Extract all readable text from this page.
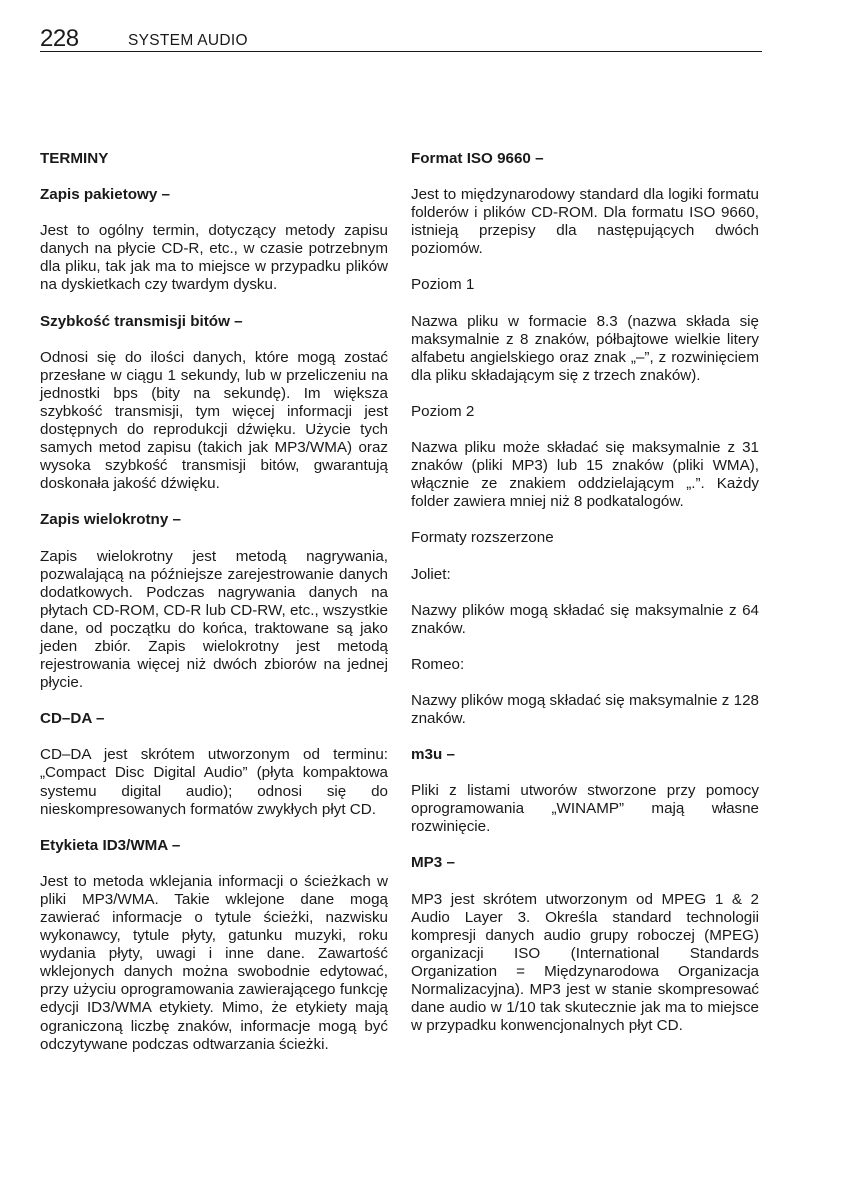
228	SYSTEM AUDIO

TERMINY

Zapis pakietowy –

Jest to ogólny termin, dotyczący metody zapisu danych na płycie CD-R, etc., w czasie potrzebnym dla pliku, tak jak ma to miejsce w przypadku plików na dyskietkach czy twardym dysku.

Szybkość transmisji bitów –

Odnosi się do ilości danych, które mogą zostać przesłane w ciągu 1 sekundy, lub w przeliczeniu na jednostki bps (bity na sekundę). Im większa szybkość transmisji, tym więcej informacji jest dostępnych do reprodukcji dźwięku. Użycie tych samych metod zapisu (takich jak MP3/WMA) oraz wysoka szybkość transmisji bitów, gwarantują doskonała jakość dźwięku.

Zapis wielokrotny –

Zapis wielokrotny jest metodą nagrywania, pozwalającą na późniejsze zarejestrowanie danych dodatkowych. Podczas nagrywania danych na płytach CD-ROM, CD-R lub CD-RW, etc., wszystkie dane, od początku do końca, traktowane są jako jeden zbiór. Zapis wielokrotny jest metodą rejestrowania więcej niż dwóch zbiorów na jednej płycie.

CD–DA –

CD–DA jest skrótem utworzonym od terminu: „Compact Disc Digital Audio” (płyta kompaktowa systemu digital audio); odnosi się do nieskompresowanych formatów zwykłych płyt CD.

Etykieta ID3/WMA –

Jest to metoda wklejania informacji o ścieżkach w pliki MP3/WMA. Takie wklejone dane mogą zawierać informacje o tytule ścieżki, nazwisku wykonawcy, tytule płyty, gatunku muzyki, roku wydania płyty, uwagi i inne dane. Zawartość wklejonych danych można swobodnie edytować, przy użyciu oprogramowania zawierającego funkcję edycji ID3/WMA etykiety. Mimo, że etykiety mają ograniczoną liczbę znaków, informacje mogą być odczytywane podczas odtwarzania ścieżki.

Format ISO 9660 –

Jest to międzynarodowy standard dla logiki formatu folderów i plików CD-ROM. Dla formatu ISO 9660, istnieją przepisy dla następujących dwóch poziomów.

Poziom 1

Nazwa pliku w formacie 8.3 (nazwa składa się maksymalnie z 8 znaków, półbajtowe wielkie litery alfabetu angielskiego oraz znak „–”, z rozwinięciem dla pliku składającym się z trzech znaków).

Poziom 2

Nazwa pliku może składać się maksymalnie z 31 znaków (pliki MP3) lub 15 znaków (pliki WMA), włącznie ze znakiem oddzielającym „.”. Każdy folder zawiera mniej niż 8 podkatalogów.

Formaty rozszerzone

Joliet:

Nazwy plików mogą składać się maksymalnie z 64 znaków.

Romeo:

Nazwy plików mogą składać się maksymalnie z 128 znaków.

m3u –

Pliki z listami utworów stworzone przy pomocy oprogramowania „WINAMP” mają własne rozwinięcie.

MP3 –

MP3 jest skrótem utworzonym od MPEG 1 & 2 Audio Layer 3. Określa standard technologii kompresji danych audio grupy roboczej (MPEG) organizacji ISO (International Standards Organization = Międzynarodowa Organizacja Normalizacyjna). MP3 jest w stanie skompresować dane audio w 1/10 tak skutecznie jak ma to miejsce w przypadku konwencjonalnych płyt CD.
